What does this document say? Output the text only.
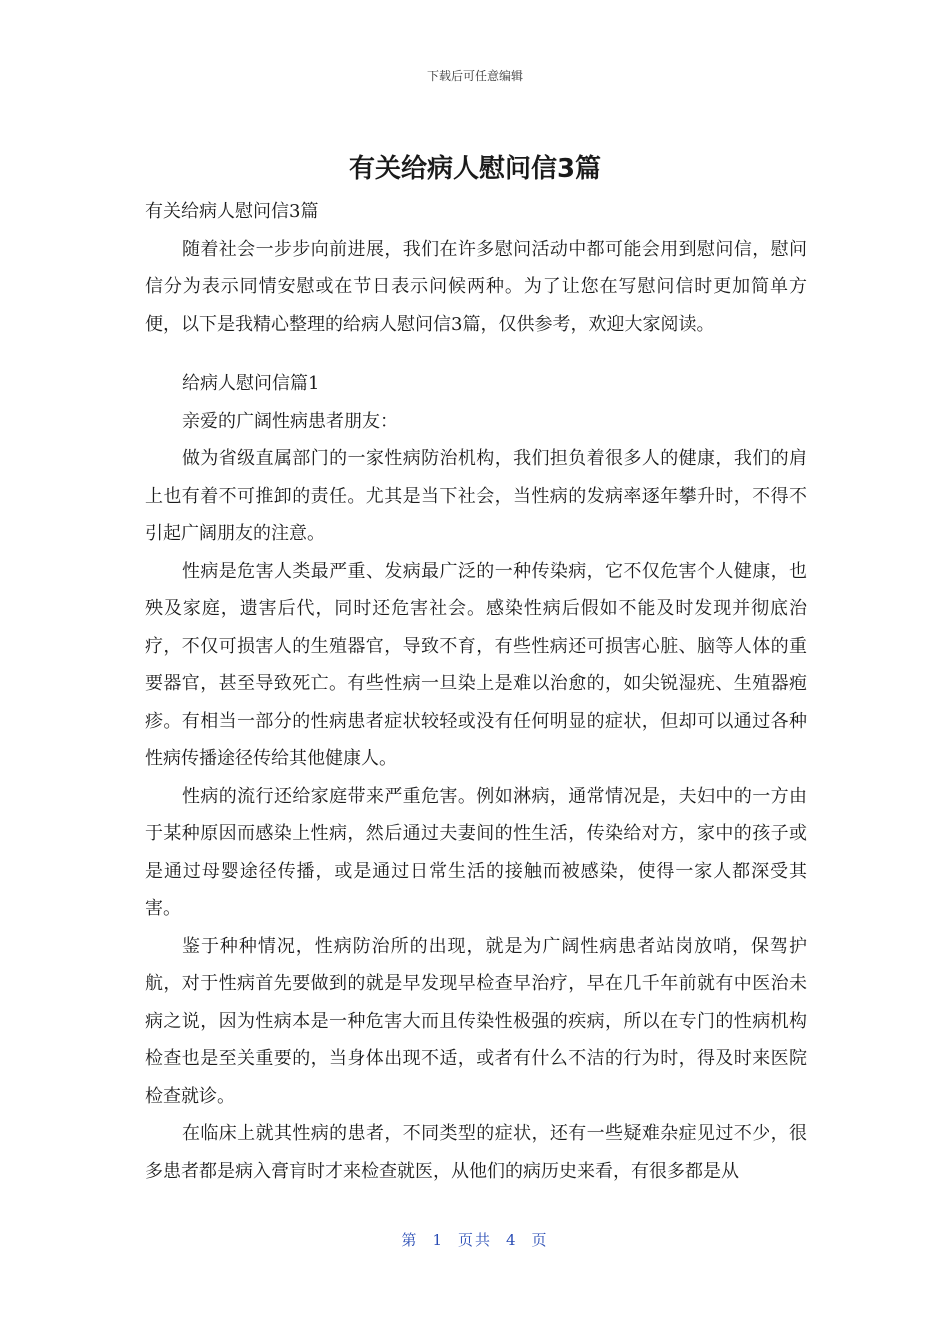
下载后可任意编辑
有关给病人慰问信3篇

有关给病人慰问信3篇

随着社会一步步向前进展，我们在许多慰问活动中都可能会用到慰问信，慰问信分为表示同情安慰或在节日表示问候两种。为了让您在写慰问信时更加简单方便，以下是我精心整理的给病人慰问信3篇，仅供参考，欢迎大家阅读。

给病人慰问信篇1

亲爱的广阔性病患者朋友：

做为省级直属部门的一家性病防治机构，我们担负着很多人的健康，我们的肩上也有着不可推卸的责任。尤其是当下社会，当性病的发病率逐年攀升时，不得不引起广阔朋友的注意。

性病是危害人类最严重、发病最广泛的一种传染病，它不仅危害个人健康，也殃及家庭，遗害后代，同时还危害社会。感染性病后假如不能及时发现并彻底治疗，不仅可损害人的生殖器官，导致不育，有些性病还可损害心脏、脑等人体的重要器官，甚至导致死亡。有些性病一旦染上是难以治愈的，如尖锐湿疣、生殖器疱疹。有相当一部分的性病患者症状较轻或没有任何明显的症状，但却可以通过各种性病传播途径传给其他健康人。

性病的流行还给家庭带来严重危害。例如淋病，通常情况是，夫妇中的一方由于某种原因而感染上性病，然后通过夫妻间的性生活，传染给对方，家中的孩子或是通过母婴途径传播，或是通过日常生活的接触而被感染，使得一家人都深受其害。

鉴于种种情况，性病防治所的出现，就是为广阔性病患者站岗放哨，保驾护航，对于性病首先要做到的就是早发现早检查早治疗，早在几千年前就有中医治未病之说，因为性病本是一种危害大而且传染性极强的疾病，所以在专门的性病机构检查也是至关重要的，当身体出现不适，或者有什么不洁的行为时，得及时来医院检查就诊。

在临床上就其性病的患者，不同类型的症状，还有一些疑难杂症见过不少，很多患者都是病入膏肓时才来检查就医，从他们的病历史来看，有很多都是从

第 1 页共 4 页
